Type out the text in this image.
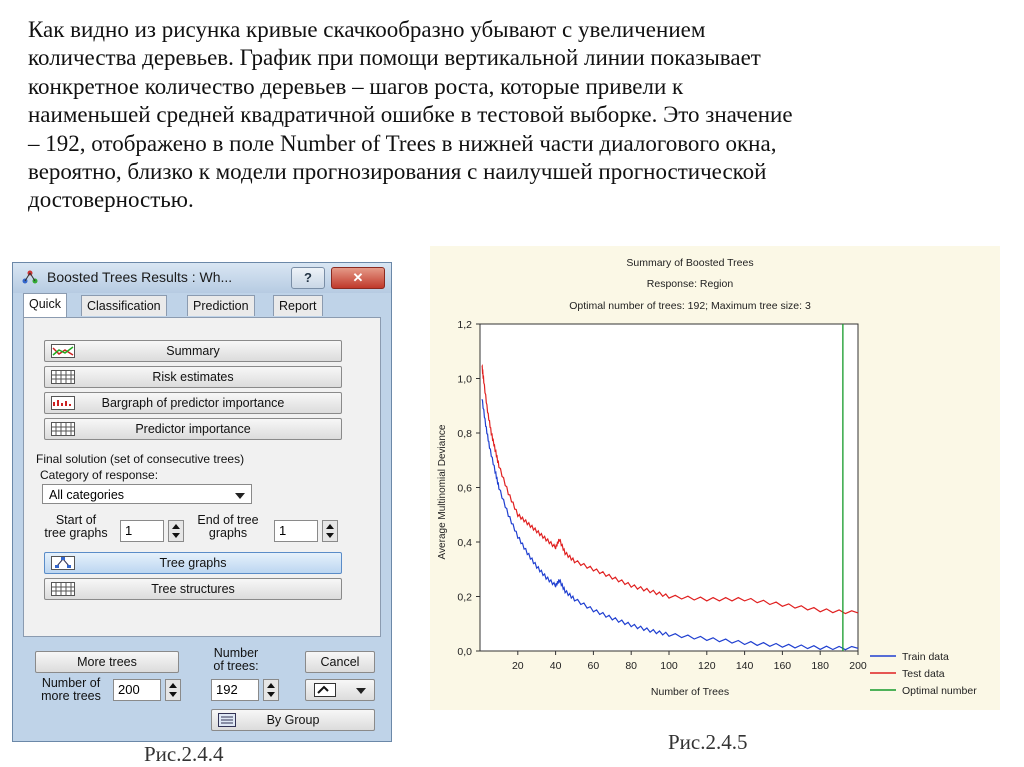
Как видно из рисунка кривые скачкообразно убывают с увеличением
количества деревьев. График при помощи вертикальной линии показывает
конкретное количество деревьев – шагов роста, которые привели к
наименьшей средней квадратичной ошибке в тестовой выборке. Это значение
– 192, отображено в поле Number of Trees в нижней части диалогового окна,
вероятно, близко к модели прогнозирования с наилучшей прогностической
достоверностью.
Boosted Trees Results : Wh...	?	✕
Quick	Classification	Prediction	Report
Summary
Risk estimates
Bargraph of predictor importance
Predictor importance
Final solution (set of consecutive trees)
Category of response:
All categories
Start of
tree graphs	1
End of tree
graphs	1
Tree graphs
Tree structures
More trees
Number
of trees:	Cancel
Number of
more trees	200	192
By Group
Рис.2.4.4	Рис.2.4.5
Summary of Boosted Trees
Response: Region
Optimal number of trees: 192; Maximum tree size: 3
Number of Trees
Average Multinomial Deviance
0,0
0,2
0,4
0,6
0,8
1,0
1,2
20 40 60 80 100 120 140 160 180 200
Train data
Test data
Optimal number
